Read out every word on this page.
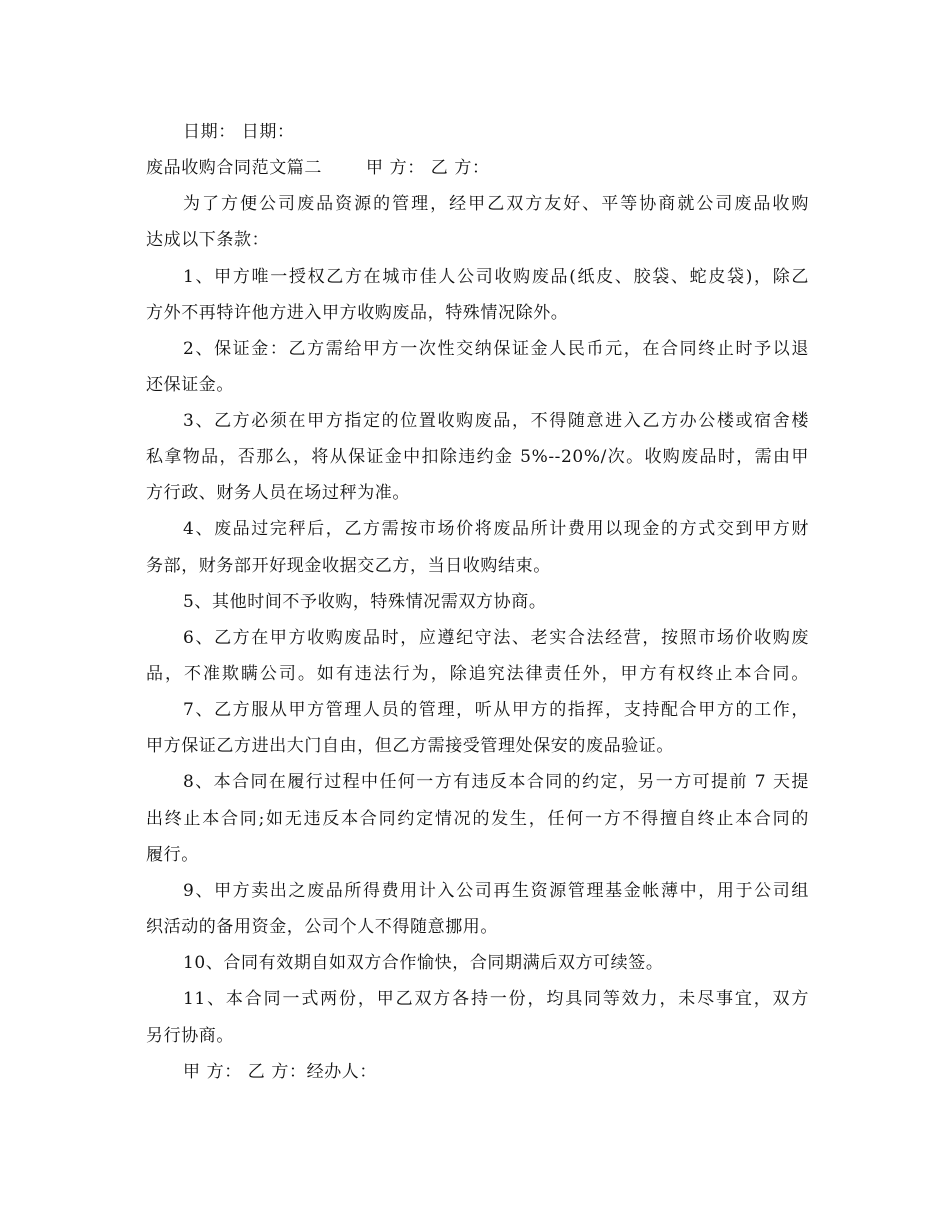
日期： 日期：
废品收购合同范文篇二	甲 方： 乙 方：
为了方便公司废品资源的管理，经甲乙双方友好、平等协商就公司废品收购
达成以下条款：
1、甲方唯一授权乙方在城市佳人公司收购废品(纸皮、胶袋、蛇皮袋)，除乙
方外不再特许他方进入甲方收购废品，特殊情况除外。
2、保证金：乙方需给甲方一次性交纳保证金人民币元，在合同终止时予以退
还保证金。
3、乙方必须在甲方指定的位置收购废品，不得随意进入乙方办公楼或宿舍楼
私拿物品，否那么，将从保证金中扣除违约金 5%--20%/次。收购废品时，需由甲
方行政、财务人员在场过秤为准。
4、废品过完秤后，乙方需按市场价将废品所计费用以现金的方式交到甲方财
务部，财务部开好现金收据交乙方，当日收购结束。
5、其他时间不予收购，特殊情况需双方协商。
6、乙方在甲方收购废品时，应遵纪守法、老实合法经营，按照市场价收购废
品，不准欺瞒公司。如有违法行为，除追究法律责任外，甲方有权终止本合同。
7、乙方服从甲方管理人员的管理，听从甲方的指挥，支持配合甲方的工作，
甲方保证乙方进出大门自由，但乙方需接受管理处保安的废品验证。
8、本合同在履行过程中任何一方有违反本合同的约定，另一方可提前 7 天提
出终止本合同;如无违反本合同约定情况的发生，任何一方不得擅自终止本合同的
履行。
9、甲方卖出之废品所得费用计入公司再生资源管理基金帐薄中，用于公司组
织活动的备用资金，公司个人不得随意挪用。
10、合同有效期自如双方合作愉快，合同期满后双方可续签。
11、本合同一式两份，甲乙双方各持一份，均具同等效力，未尽事宜，双方
另行协商。
甲 方： 乙 方：经办人：
